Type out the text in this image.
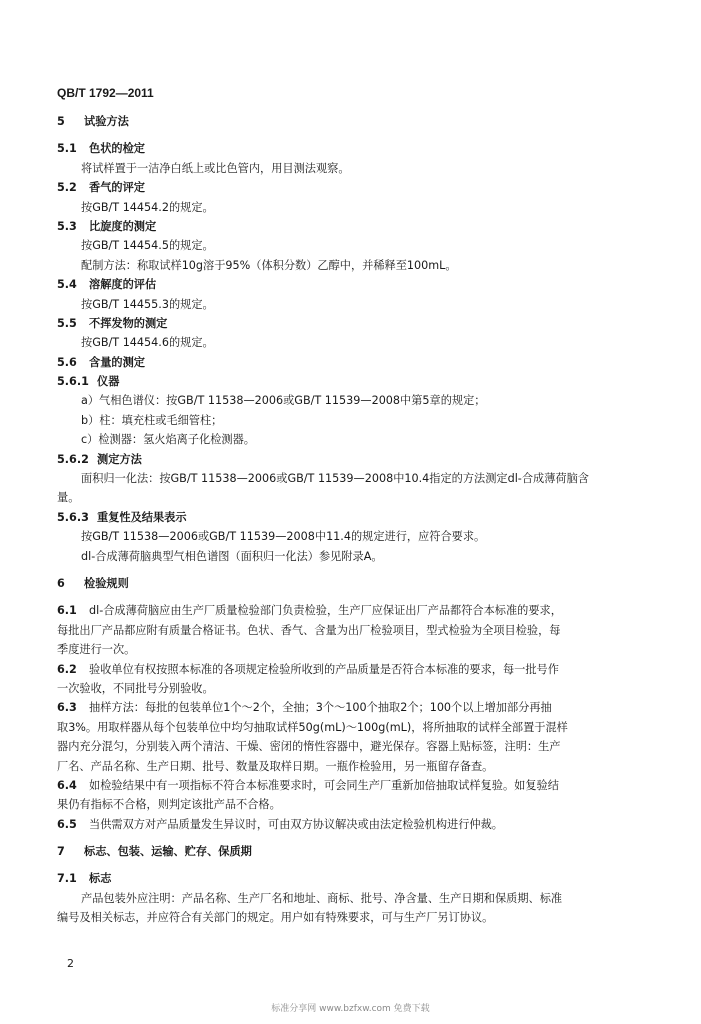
QB/T 1792—2011
5 试验方法
5.1 色状的检定
将试样置于一洁净白纸上或比色管内，用目测法观察。
5.2 香气的评定
按GB/T 14454.2的规定。
5.3 比旋度的测定
按GB/T 14454.5的规定。
配制方法：称取试样10g溶于95%（体积分数）乙醇中，并稀释至100mL。
5.4 溶解度的评估
按GB/T 14455.3的规定。
5.5 不挥发物的测定
按GB/T 14454.6的规定。
5.6 含量的测定
5.6.1 仪器
a）气相色谱仪：按GB/T 11538—2006或GB/T 11539—2008中第5章的规定；
b）柱：填充柱或毛细管柱；
c）检测器：氢火焰离子化检测器。
5.6.2 测定方法
面积归一化法：按GB/T 11538—2006或GB/T 11539—2008中10.4指定的方法测定dl-合成薄荷脑含
量。
5.6.3 重复性及结果表示
按GB/T 11538—2006或GB/T 11539—2008中11.4的规定进行，应符合要求。
dl-合成薄荷脑典型气相色谱图（面积归一化法）参见附录A。
6 检验规则
6.1 dl-合成薄荷脑应由生产厂质量检验部门负责检验，生产厂应保证出厂产品都符合本标准的要求，
每批出厂产品都应附有质量合格证书。色状、香气、含量为出厂检验项目，型式检验为全项目检验，每
季度进行一次。
6.2 验收单位有权按照本标准的各项规定检验所收到的产品质量是否符合本标准的要求，每一批号作
一次验收，不同批号分别验收。
6.3 抽样方法：每批的包装单位1个～2个，全抽；3个～100个抽取2个；100个以上增加部分再抽
取3%。用取样器从每个包装单位中均匀抽取试样50g(mL)～100g(mL)，将所抽取的试样全部置于混样
器内充分混匀，分别装入两个清洁、干燥、密闭的惰性容器中，避光保存。容器上贴标签，注明：生产
厂名、产品名称、生产日期、批号、数量及取样日期。一瓶作检验用，另一瓶留存备查。
6.4 如检验结果中有一项指标不符合本标准要求时，可会同生产厂重新加倍抽取试样复验。如复验结
果仍有指标不合格，则判定该批产品不合格。
6.5 当供需双方对产品质量发生异议时，可由双方协议解决或由法定检验机构进行仲裁。
7 标志、包装、运输、贮存、保质期
7.1 标志
产品包装外应注明：产品名称、生产厂名和地址、商标、批号、净含量、生产日期和保质期、标准
编号及相关标志，并应符合有关部门的规定。用户如有特殊要求，可与生产厂另订协议。
2
标准分享网 www.bzfxw.com 免费下载
